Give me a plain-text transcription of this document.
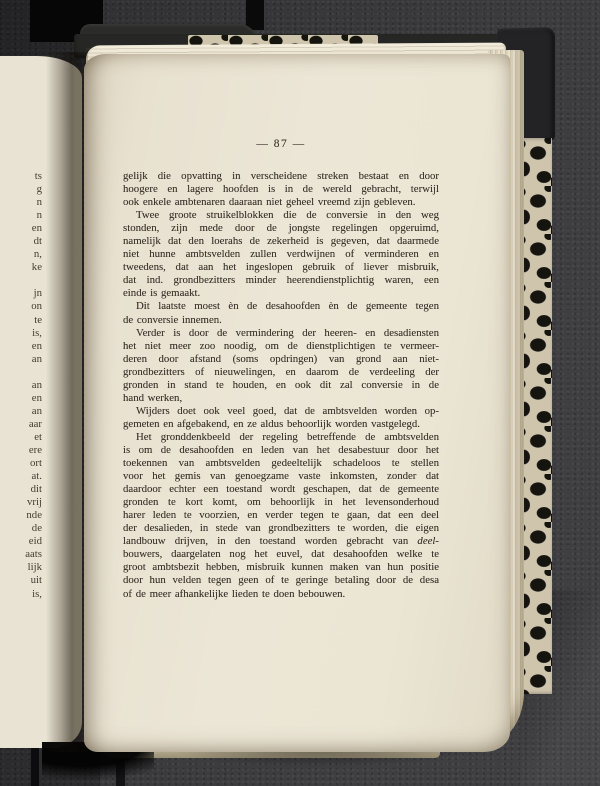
— 87 —
gelijk die opvatting in verscheidene streken bestaat en door
hoogere en lagere hoofden is in de wereld gebracht, terwijl
ook enkele ambtenaren daaraan niet geheel vreemd zijn gebleven.
Twee groote struikelblokken die de conversie in den weg
stonden, zijn mede door de jongste regelingen opgeruimd,
namelijk dat den loerahs de zekerheid is gegeven, dat daarmede
niet hunne ambtsvelden zullen verdwijnen of verminderen en
tweedens, dat aan het ingeslopen gebruik of liever misbruik,
dat ind. grondbezitters minder heerendienstplichtig waren, een
einde is gemaakt.
Dit laatste moest èn de desahoofden èn de gemeente tegen
de conversie innemen.
Verder is door de vermindering der heeren- en desadiensten
het niet meer zoo noodig, om de dienstplichtigen te vermeer-
deren door afstand (soms opdringen) van grond aan niet-
grondbezitters of nieuwelingen, en daarom de verdeeling der
gronden in stand te houden, en ook dit zal conversie in de
hand werken,
Wijders doet ook veel goed, dat de ambtsvelden worden op-
gemeten en afgebakend, en ze aldus behoorlijk worden vastgelegd.
Het gronddenkbeeld der regeling betreffende de ambtsvelden
is om de desahoofden en leden van het desabestuur door het
toekennen van ambtsvelden gedeeltelijk schadeloos te stellen
voor het gemis van genoegzame vaste inkomsten, zonder dat
daardoor echter een toestand wordt geschapen, dat de gemeente
gronden te kort komt, om behoorlijk in het levensonderhoud
harer leden te voorzien, en verder tegen te gaan, dat een deel
der desalieden, in stede van grondbezitters te worden, die eigen
landbouw drijven, in den toestand worden gebracht van deel-
bouwers, daargelaten nog het euvel, dat desahoofden welke te
groot ambtsbezit hebben, misbruik kunnen maken van hun positie
door hun velden tegen geen of te geringe betaling door de desa
of de meer afhankelijke lieden te doen bebouwen.
ts
g
n
n
en
dt
n,
ke

jn
on
te
is,
en
an

an
en
an
aar
et
ere
ort
at.
dit
vrij
nde
de
eid
aats
lijk
uit
is,
